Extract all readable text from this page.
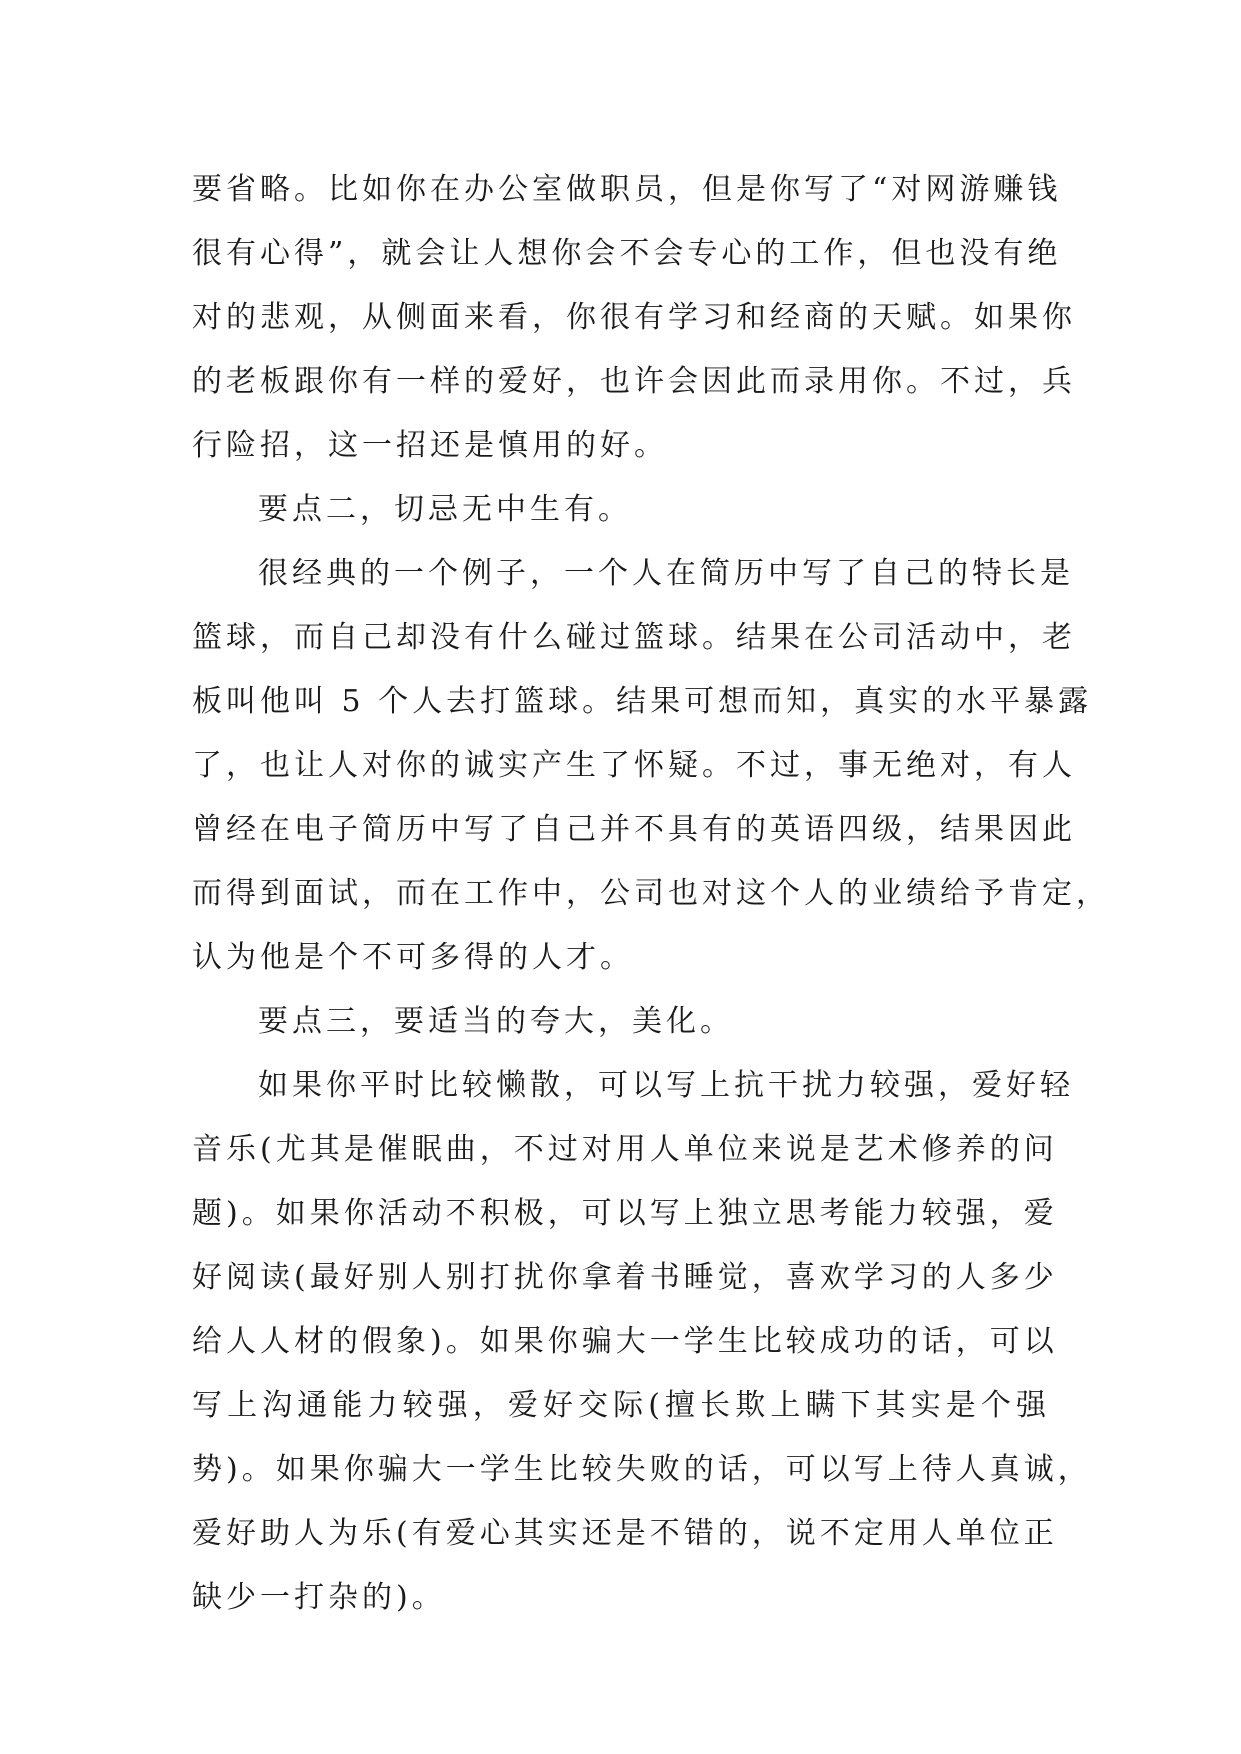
要省略。比如你在办公室做职员，但是你写了“对网游赚钱
很有心得”，就会让人想你会不会专心的工作，但也没有绝
对的悲观，从侧面来看，你很有学习和经商的天赋。如果你
的老板跟你有一样的爱好，也许会因此而录用你。不过，兵
行险招，这一招还是慎用的好。
要点二，切忌无中生有。
很经典的一个例子，一个人在简历中写了自己的特长是
篮球，而自己却没有什么碰过篮球。结果在公司活动中，老
板叫他叫 5 个人去打篮球。结果可想而知，真实的水平暴露
了，也让人对你的诚实产生了怀疑。不过，事无绝对，有人
曾经在电子简历中写了自己并不具有的英语四级，结果因此
而得到面试，而在工作中，公司也对这个人的业绩给予肯定，
认为他是个不可多得的人才。
要点三，要适当的夸大，美化。
如果你平时比较懒散，可以写上抗干扰力较强，爱好轻
音乐(尤其是催眠曲，不过对用人单位来说是艺术修养的问
题)。如果你活动不积极，可以写上独立思考能力较强，爱
好阅读(最好别人别打扰你拿着书睡觉，喜欢学习的人多少
给人人材的假象)。如果你骗大一学生比较成功的话，可以
写上沟通能力较强，爱好交际(擅长欺上瞒下其实是个强
势)。如果你骗大一学生比较失败的话，可以写上待人真诚，
爱好助人为乐(有爱心其实还是不错的，说不定用人单位正
缺少一打杂的)。
